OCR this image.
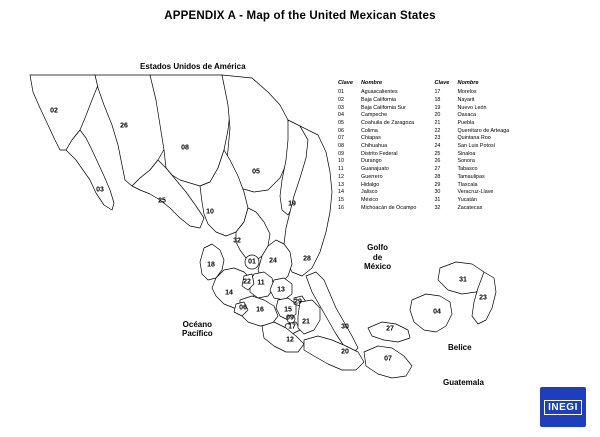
APPENDIX A - Map of the United Mexican States
Estados Unidos de América
Golfo
de
México
Océano
Pacífico
Belice
Guatemala
02
26
03
08
05
25
10
19
28
32
24
18	01
22 11
13
14
29
16	15
09
17
21
06
30	27
12
20
07
04
31
23
Clave Nombre
01	Aguascalientes
02	Baja California
03	Baja California Sur
04	Campeche
05	Coahuila de Zaragoza
06	Colima
07	Chiapas
08	Chihuahua
09	Distrito Federal
10	Durango
11	Guanajuato
12	Guerrero
13	Hidalgo
14	Jalisco
15	México
16	Michoacán de Ocampo
Clave Nombre
17	Morelos
18	Nayarit
19	Nuevo León
20	Oaxaca
21	Puebla
22	Querétaro de Arteaga
23	Quintana Roo
24	San Luis Potosí
25	Sinaloa
26	Sonora
27	Tabasco
28	Tamaulipas
29	Tlaxcala
30	Veracruz-Llave
31	Yucatán
32	Zacatecas
INEGI
